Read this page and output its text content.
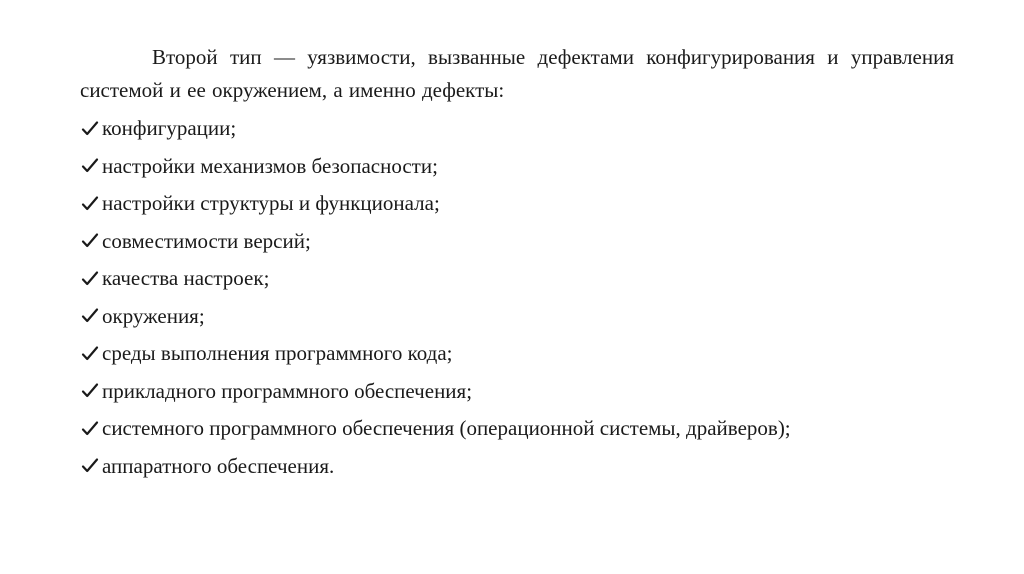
Второй тип — уязвимости, вызванные дефектами конфигурирования и управления системой и ее окружением, а именно дефекты:

конфигурации;
настройки механизмов безопасности;
настройки структуры и функционала;
совместимости версий;
качества настроек;
окружения;
среды выполнения программного кода;
прикладного программного обеспечения;
системного программного обеспечения (операционной системы, драйверов);
аппаратного обеспечения.
